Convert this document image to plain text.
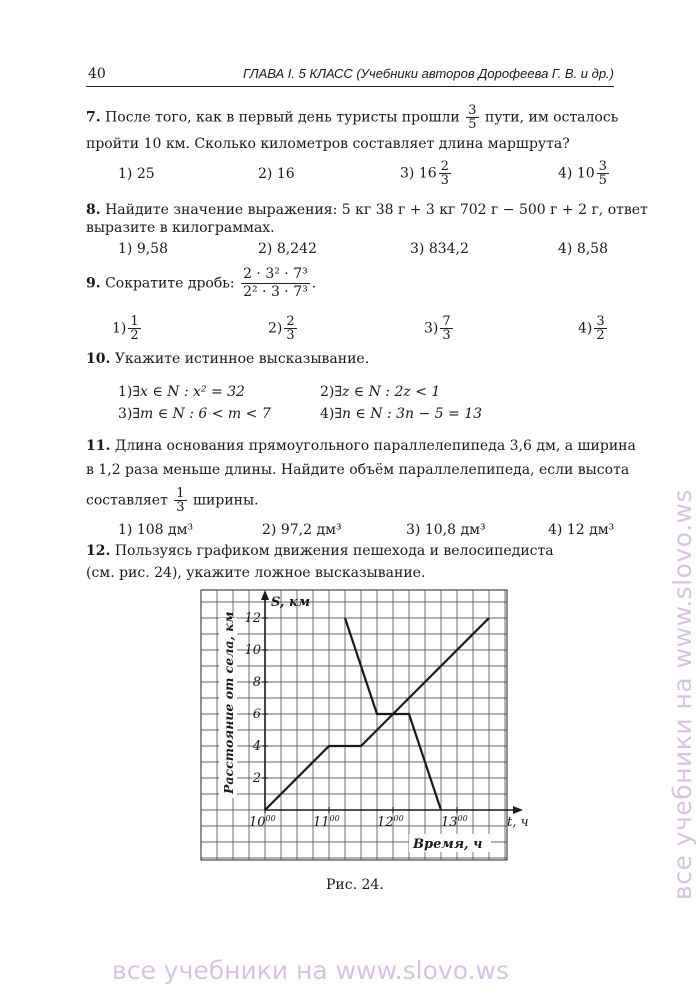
40	ГЛАВА I. 5 КЛАСС (Учебники авторов Дорофеева Г. В. и др.)
7. После того, как в первый день туристы прошли $\frac{3}{5}$ пути, им осталось
пройти 10 км. Сколько километров составляет длина маршрута?
1) 25	2) 16	3) $16 \frac{2}{3}$	4) $10 \frac{3}{5}$
8. Найдите значение выражения: 5 кг 38 г + 3 кг 702 г − 500 г + 2 г, ответ
выразите в килограммах.
1) 9,58	2) 8,242	3) 834,2	4) 8,58
9. Сократите дробь: $\frac{\text{2 · 3² · 7³}}{\text{2² · 3 · 7³}}$ .
$1) \frac{1}{2}$	$2) \frac{2}{3}$	$3) \frac{7}{3}$	$4) \frac{3}{2}$
10. Укажите истинное высказывание.
1)∃x ∈ N : x² = 32	2)∃z ∈ N : 2z < 1
3)∃m ∈ N : 6 < m < 7	4)∃n ∈ N : 3n − 5 = 13
11. Длина основания прямоугольного параллелепипеда 3,6 дм, а ширина
в 1,2 раза меньше длины. Найдите объём параллелепипеда, если высота
составляет $\frac{1}{3}$ ширины.
1) 108 дм³	2) 97,2 дм³	3) 10,8 дм³	4) 12 дм³
12. Пользуясь графиком движения пешехода и велосипедиста
(см. рис. 24), укажите ложное высказывание.
2
4
6
8
10
12
$10^{00}$	$11^{00}$	$12^{00}$	$13^{00}$
S, км
t, ч
Время, ч
Расстояние от села, км
Рис. 24.	все учебники на www.slovo.ws
все учебники на www.slovo.ws
